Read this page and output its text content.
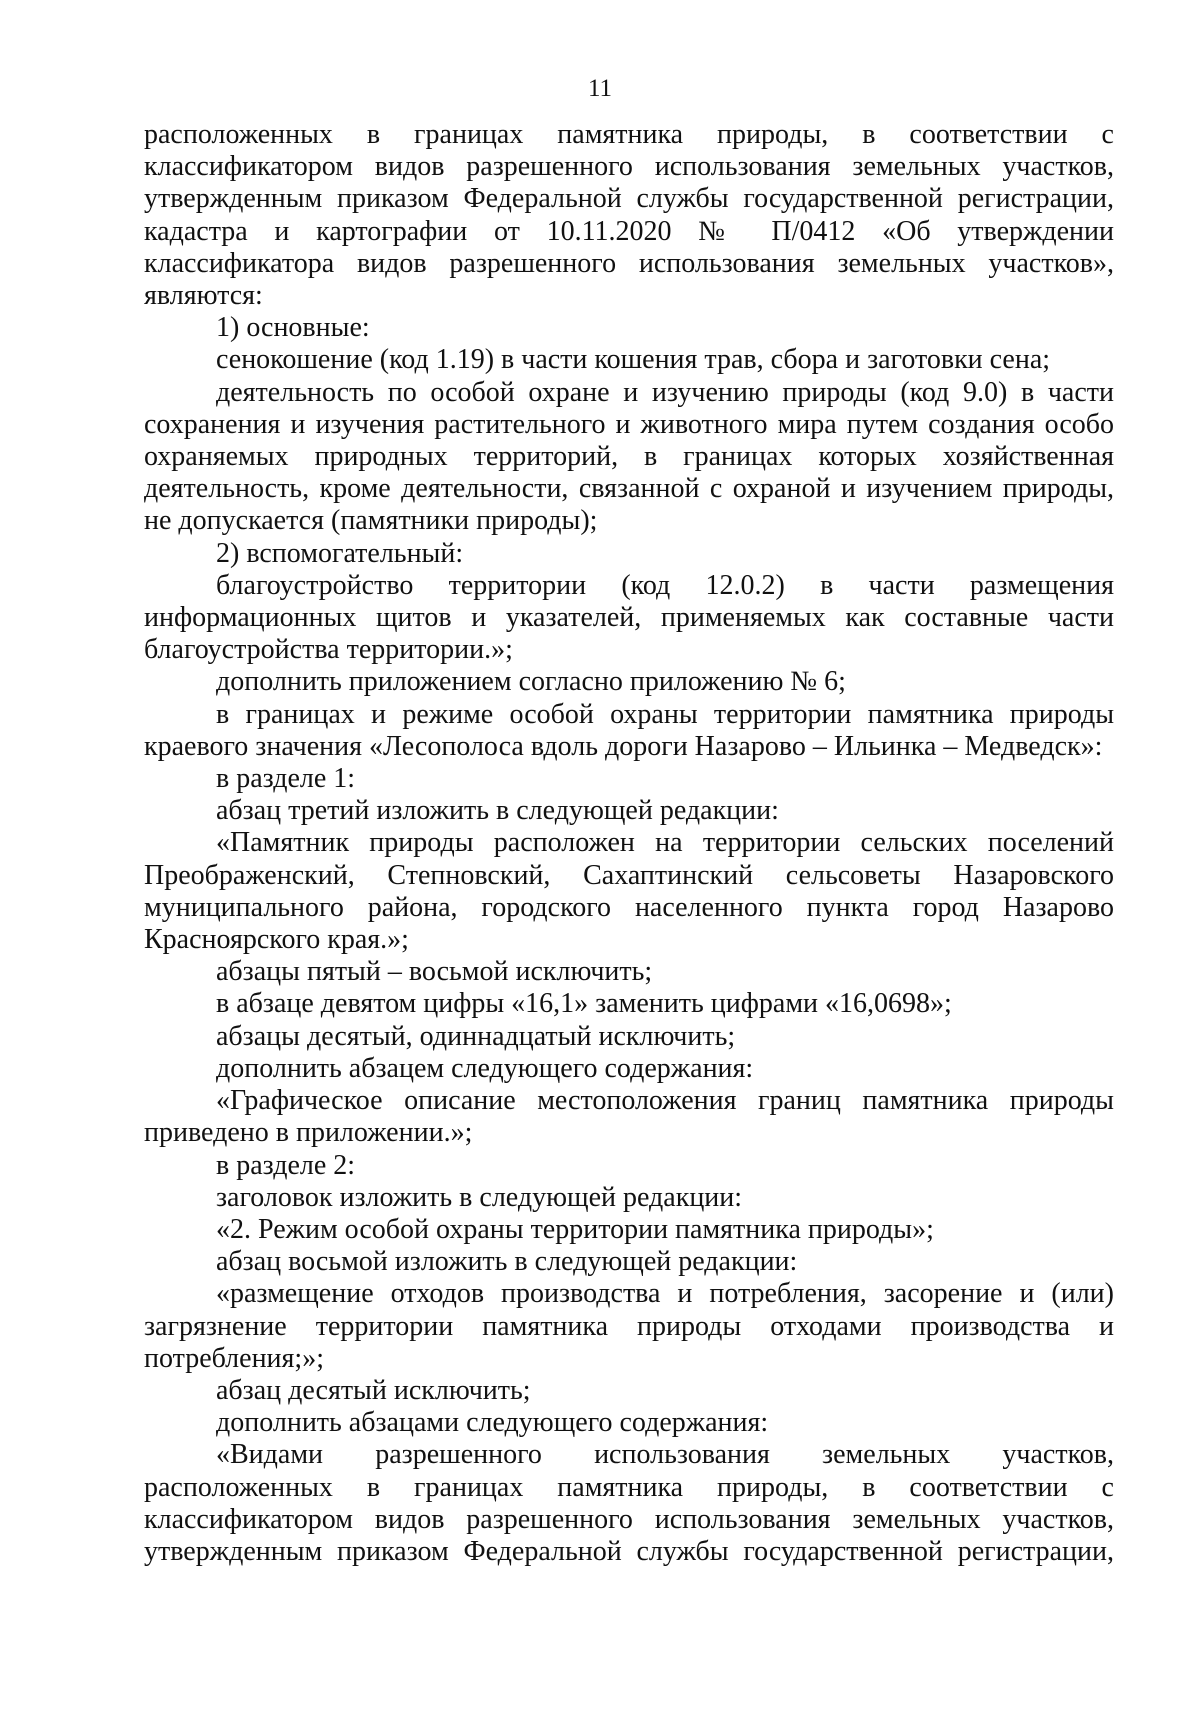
11

расположенных в границах памятника природы, в соответствии с классификатором видов разрешенного использования земельных участков, утвержденным приказом Федеральной службы государственной регистрации, кадастра и картографии от 10.11.2020 № П/0412 «Об утверждении классификатора видов разрешенного использования земельных участков», являются:

1) основные:

сенокошение (код 1.19) в части кошения трав, сбора и заготовки сена;

деятельность по особой охране и изучению природы (код 9.0) в части сохранения и изучения растительного и животного мира путем создания особо охраняемых природных территорий, в границах которых хозяйственная деятельность, кроме деятельности, связанной с охраной и изучением природы, не допускается (памятники природы);

2) вспомогательный:

благоустройство территории (код 12.0.2) в части размещения информационных щитов и указателей, применяемых как составные части благоустройства территории.»;

дополнить приложением согласно приложению № 6;

в границах и режиме особой охраны территории памятника природы краевого значения «Лесополоса вдоль дороги Назарово – Ильинка – Медведск»:

в разделе 1:

абзац третий изложить в следующей редакции:

«Памятник природы расположен на территории сельских поселений Преображенский, Степновский, Сахаптинский сельсоветы Назаровского муниципального района, городского населенного пункта город Назарово Красноярского края.»;

абзацы пятый – восьмой исключить;

в абзаце девятом цифры «16,1» заменить цифрами «16,0698»;

абзацы десятый, одиннадцатый исключить;

дополнить абзацем следующего содержания:

«Графическое описание местоположения границ памятника природы приведено в приложении.»;

в разделе 2:

заголовок изложить в следующей редакции:

«2. Режим особой охраны территории памятника природы»;

абзац восьмой изложить в следующей редакции:

«размещение отходов производства и потребления, засорение и (или) загрязнение территории памятника природы отходами производства и потребления;»;

абзац десятый исключить;

дополнить абзацами следующего содержания:

«Видами разрешенного использования земельных участков, расположенных в границах памятника природы, в соответствии с классификатором видов разрешенного использования земельных участков, утвержденным приказом Федеральной службы государственной регистрации,
